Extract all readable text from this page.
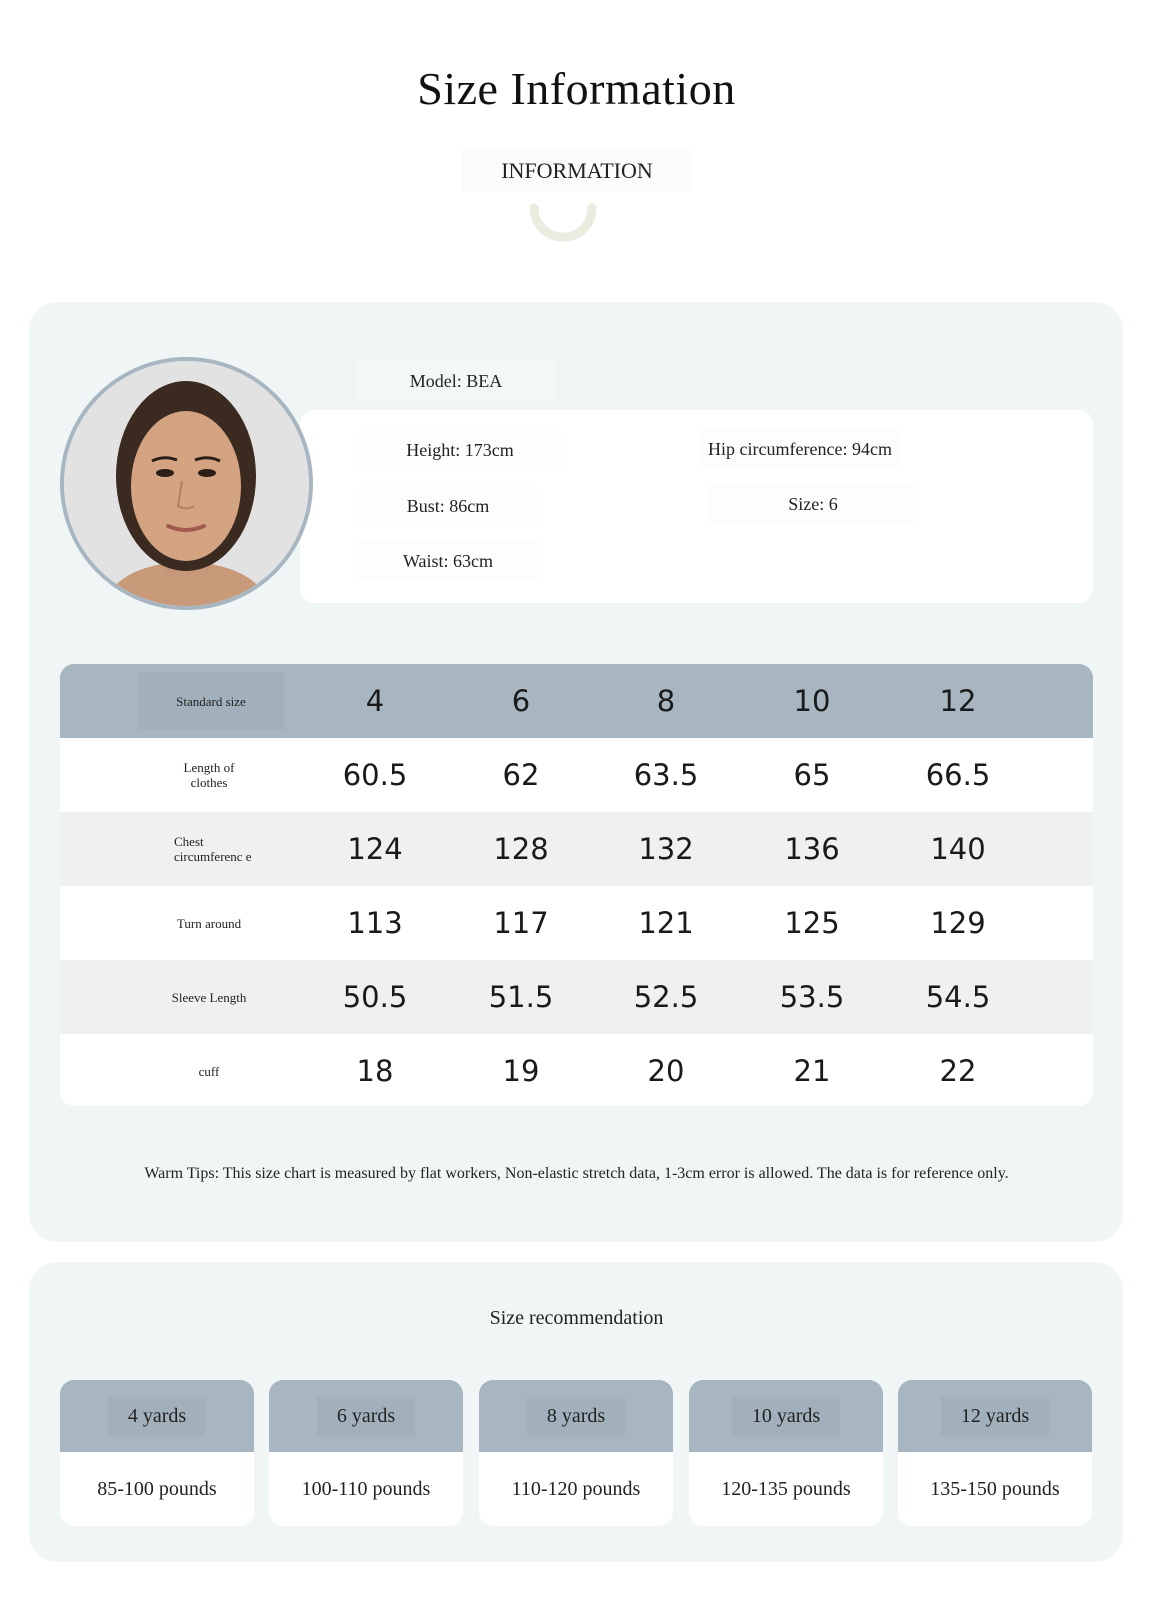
Size Information
INFORMATION
Model: BEA
Height: 173cm
Bust: 86cm
Waist: 63cm
Hip circumference: 94cm
Size: 6
Standard size	4	6	8	10	12
Length of clothes	60.5	62	63.5	65	66.5
Chest circumferenc e	124	128	132	136	140
Turn around	113	117	121	125	129
Sleeve Length	50.5	51.5	52.5	53.5	54.5
cuff	18	19	20	21	22
Warm Tips: This size chart is measured by flat workers, Non-elastic stretch data, 1-3cm error is allowed. The data is for reference only.
Size recommendation
4 yards
85-100 pounds
6 yards
100-110 pounds
8 yards
110-120 pounds
10 yards
120-135 pounds
12 yards
135-150 pounds
